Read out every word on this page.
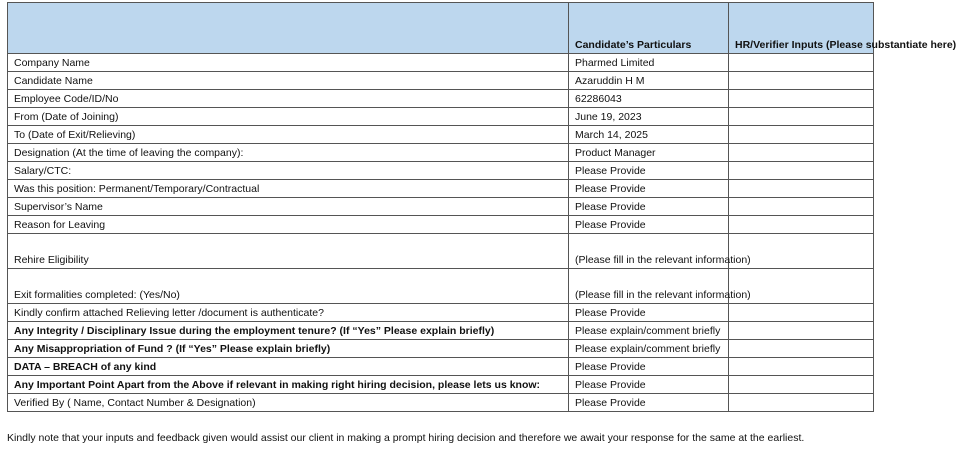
	Candidate’s Particulars	HR/Verifier Inputs (Please substantiate here)
Company Name	Pharmed Limited	
Candidate Name	Azaruddin H M	
Employee Code/ID/No	62286043	
From (Date of Joining)	June 19, 2023	
To (Date of Exit/Relieving)	March 14, 2025	
Designation (At the time of leaving the company):	Product Manager	
Salary/CTC:	Please Provide	
Was this position: Permanent/Temporary/Contractual	Please Provide	
Supervisor’s Name	Please Provide	
Reason for Leaving	Please Provide	
Rehire Eligibility	(Please fill in the relevant information)	
Exit formalities completed: (Yes/No)	(Please fill in the relevant information)	
Kindly confirm attached Relieving letter /document is authenticate?	Please Provide	
Any Integrity / Disciplinary Issue during the employment tenure? (If “Yes” Please explain briefly)	Please explain/comment briefly	
Any Misappropriation of Fund ? (If “Yes” Please explain briefly)	Please explain/comment briefly	
DATA – BREACH of any kind	Please Provide	
Any Important Point Apart from the Above if relevant in making right hiring decision, please lets us know:	Please Provide	
Verified By ( Name, Contact Number & Designation)	Please Provide	
Kindly note that your inputs and feedback given would assist our client in making a prompt hiring decision and therefore we await your response for the same at the earliest.
